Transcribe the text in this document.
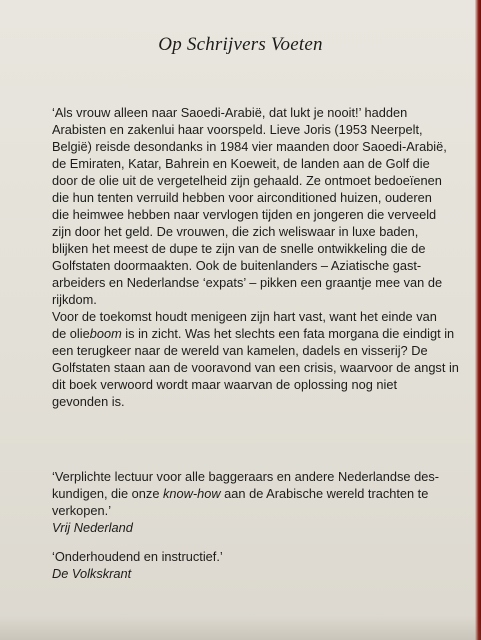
Op Schrijvers Voeten

‘Als vrouw alleen naar Saoedi-Arabië, dat lukt je nooit!’ hadden
Arabisten en zakenlui haar voorspeld. Lieve Joris (1953 Neerpelt,
België) reisde desondanks in 1984 vier maanden door Saoedi-Arabië,
de Emiraten, Katar, Bahrein en Koeweit, de landen aan de Golf die
door de olie uit de vergetelheid zijn gehaald. Ze ontmoet bedoeïenen
die hun tenten verruild hebben voor airconditioned huizen, ouderen
die heimwee hebben naar vervlogen tijden en jongeren die verveeld
zijn door het geld. De vrouwen, die zich weliswaar in luxe baden,
blijken het meest de dupe te zijn van de snelle ontwikkeling die de
Golfstaten doormaakten. Ook de buitenlanders – Aziatische gast-
arbeiders en Nederlandse ‘expats’ – pikken een graantje mee van de
rijkdom.

Voor de toekomst houdt menigeen zijn hart vast, want het einde van
de olieboom is in zicht. Was het slechts een fata morgana die eindigt in
een terugkeer naar de wereld van kamelen, dadels en visserij? De
Golfstaten staan aan de vooravond van een crisis, waarvoor de angst in
dit boek verwoord wordt maar waarvan de oplossing nog niet
gevonden is.

‘Verplichte lectuur voor alle baggeraars en andere Nederlandse des-
kundigen, die onze know-how aan de Arabische wereld trachten te
verkopen.’
Vrij Nederland
‘Onderhoudend en instructief.’
De Volkskrant
